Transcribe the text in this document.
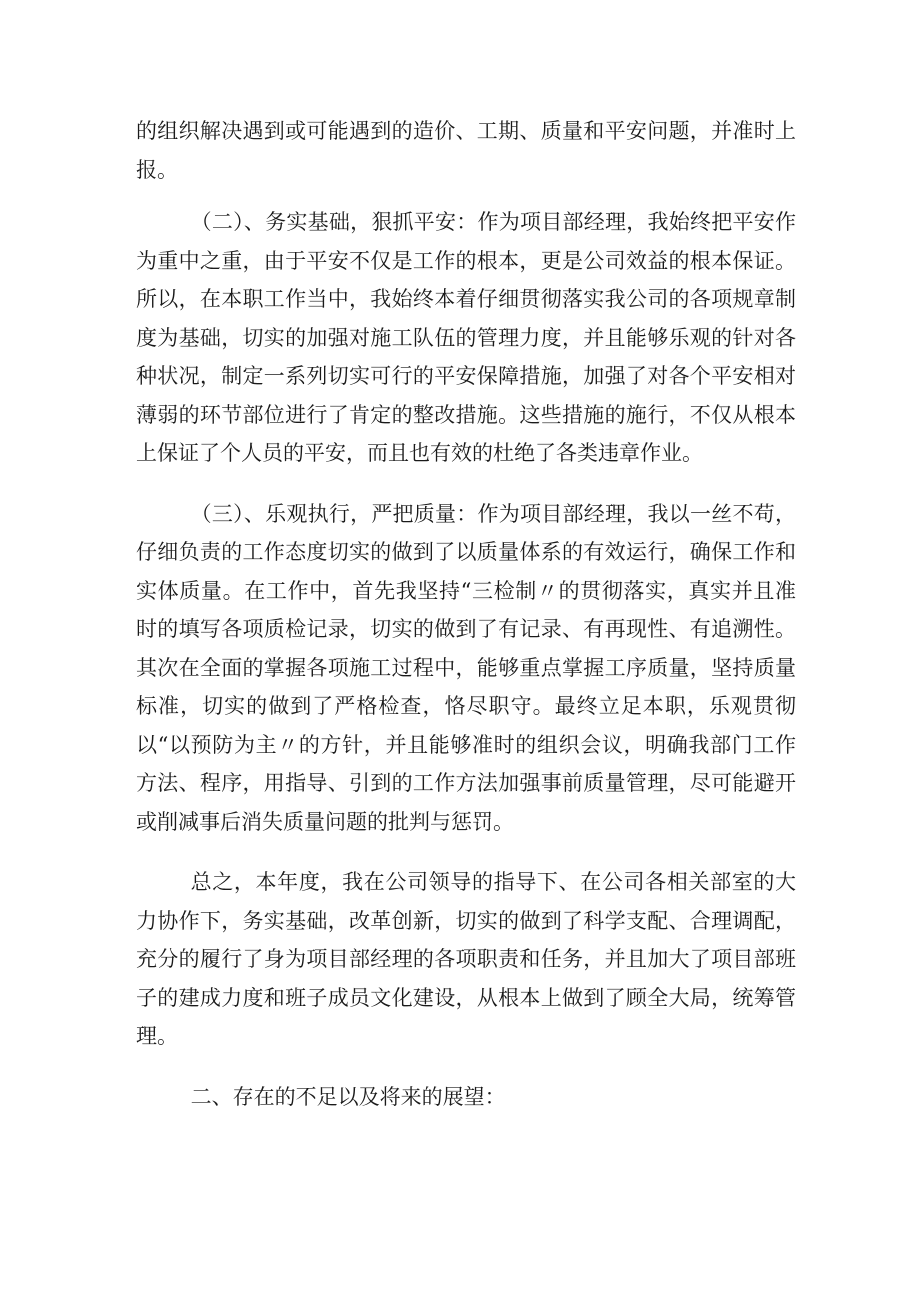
的组织解决遇到或可能遇到的造价、工期、质量和平安问题，并准时上报。

（二）、务实基础，狠抓平安：作为项目部经理，我始终把平安作为重中之重，由于平安不仅是工作的根本，更是公司效益的根本保证。所以，在本职工作当中，我始终本着仔细贯彻落实我公司的各项规章制度为基础，切实的加强对施工队伍的管理力度，并且能够乐观的针对各种状况，制定一系列切实可行的平安保障措施，加强了对各个平安相对薄弱的环节部位进行了肯定的整改措施。这些措施的施行，不仅从根本上保证了个人员的平安，而且也有效的杜绝了各类违章作业。

（三）、乐观执行，严把质量：作为项目部经理，我以一丝不苟，仔细负责的工作态度切实的做到了以质量体系的有效运行，确保工作和实体质量。在工作中，首先我坚持“三检制〃的贯彻落实，真实并且准时的填写各项质检记录，切实的做到了有记录、有再现性、有追溯性。其次在全面的掌握各项施工过程中，能够重点掌握工序质量，坚持质量标准，切实的做到了严格检查，恪尽职守。最终立足本职，乐观贯彻以“以预防为主〃的方针，并且能够准时的组织会议，明确我部门工作方法、程序，用指导、引到的工作方法加强事前质量管理，尽可能避开或削减事后消失质量问题的批判与惩罚。

总之，本年度，我在公司领导的指导下、在公司各相关部室的大力协作下，务实基础，改革创新，切实的做到了科学支配、合理调配，充分的履行了身为项目部经理的各项职责和任务，并且加大了项目部班子的建成力度和班子成员文化建设，从根本上做到了顾全大局，统筹管理。

二、存在的不足以及将来的展望：
